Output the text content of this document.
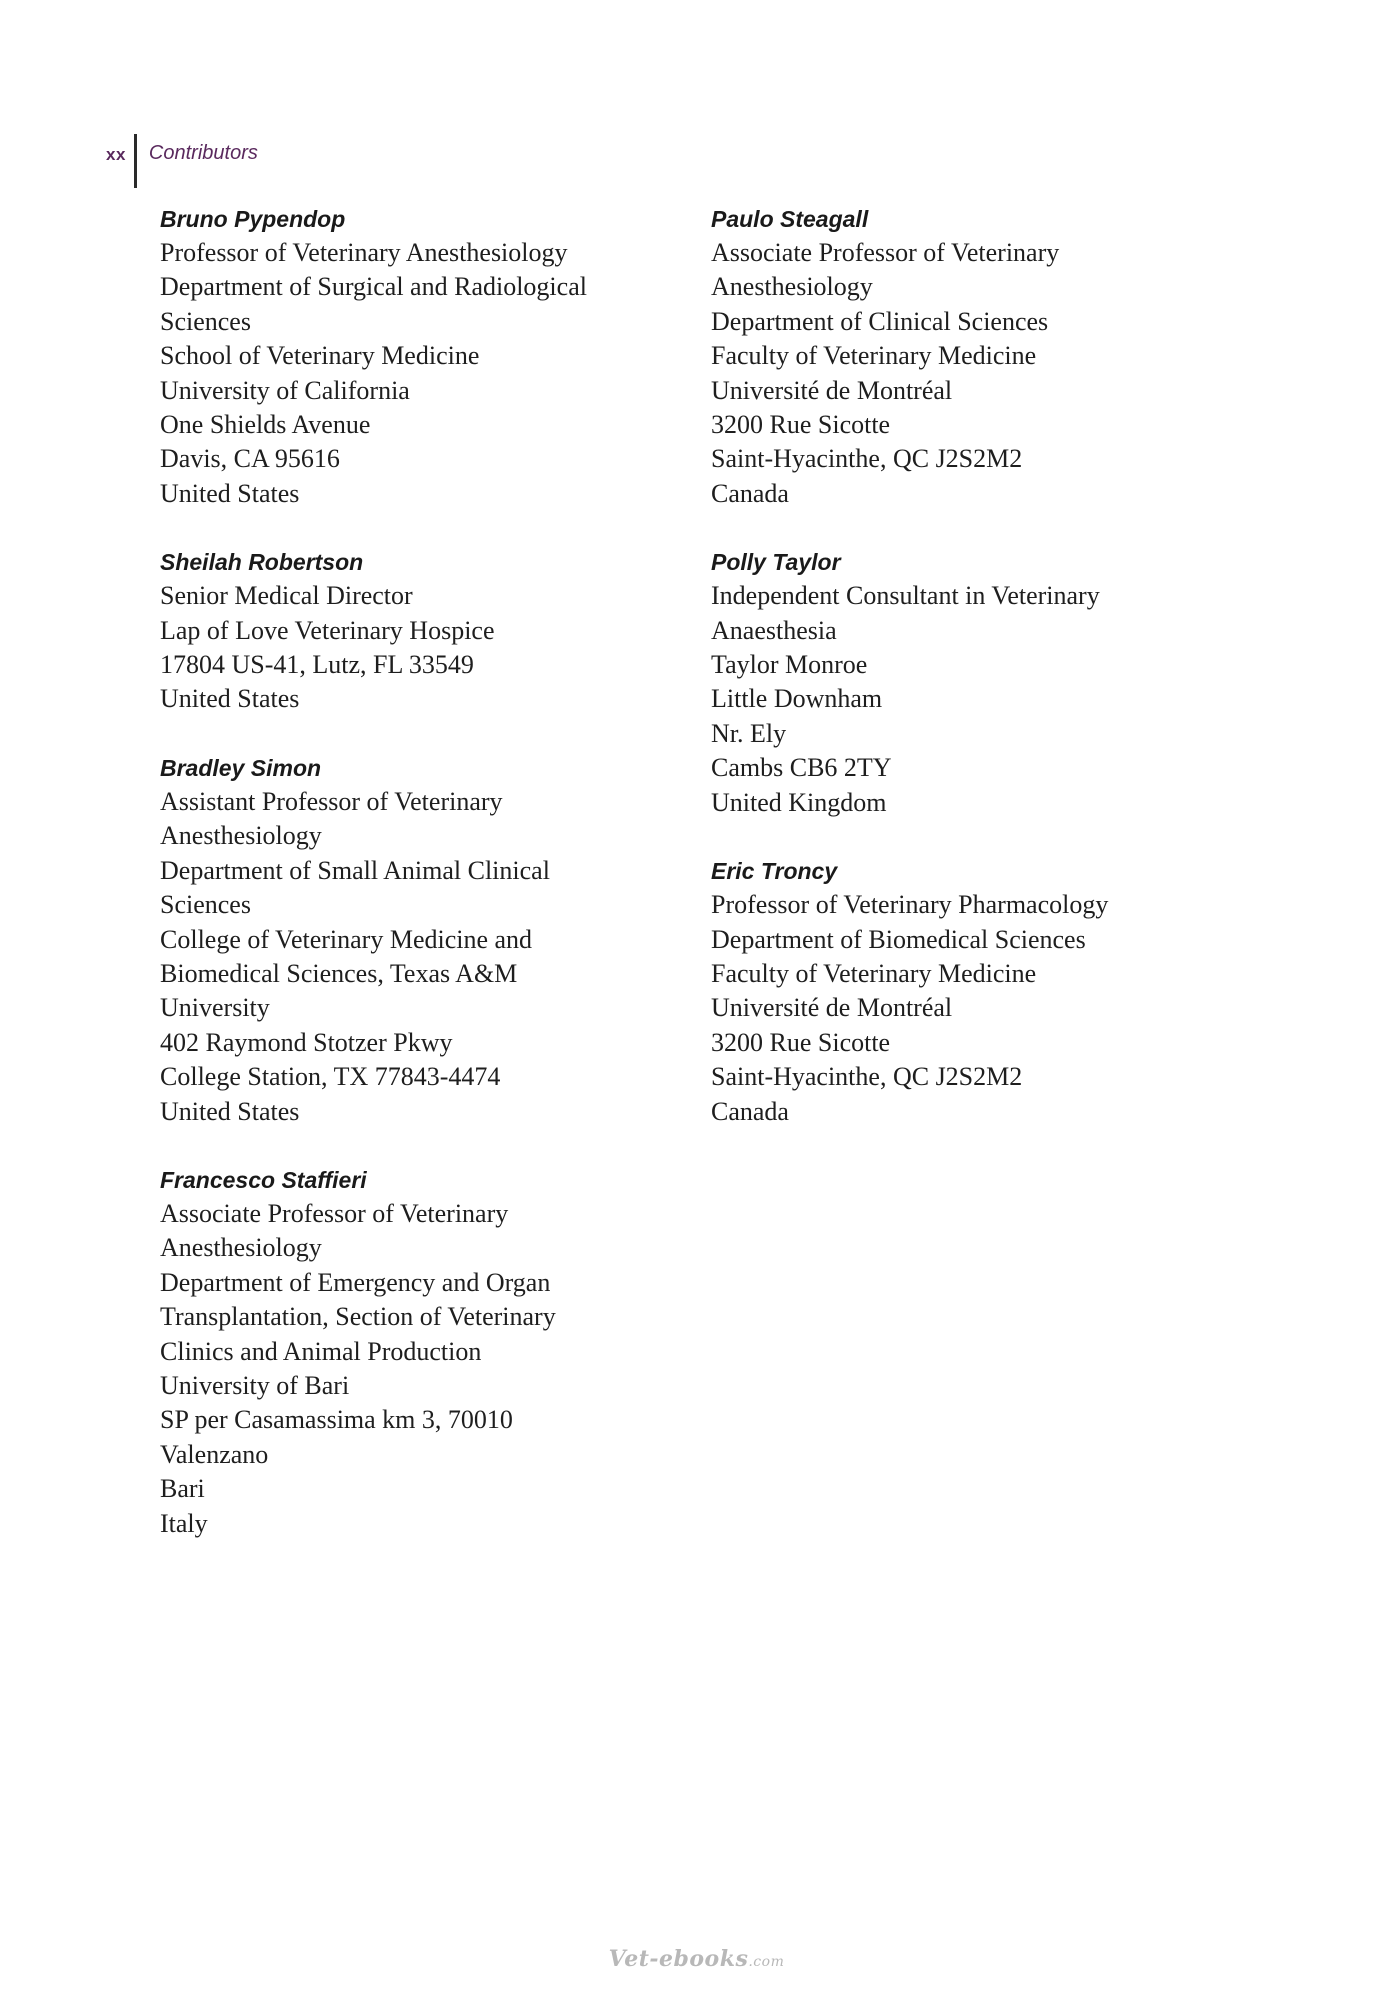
xx Contributors
Bruno Pypendop
Professor of Veterinary Anesthesiology
Department of Surgical and Radiological
Sciences
School of Veterinary Medicine
University of California
One Shields Avenue
Davis, CA 95616
United States
Sheilah Robertson
Senior Medical Director
Lap of Love Veterinary Hospice
17804 US-41, Lutz, FL 33549
United States
Bradley Simon
Assistant Professor of Veterinary
Anesthesiology
Department of Small Animal Clinical
Sciences
College of Veterinary Medicine and
Biomedical Sciences, Texas A&M
University
402 Raymond Stotzer Pkwy
College Station, TX 77843-4474
United States
Francesco Staffieri
Associate Professor of Veterinary
Anesthesiology
Department of Emergency and Organ
Transplantation, Section of Veterinary
Clinics and Animal Production
University of Bari
SP per Casamassima km 3, 70010
Valenzano
Bari
Italy
Paulo Steagall
Associate Professor of Veterinary
Anesthesiology
Department of Clinical Sciences
Faculty of Veterinary Medicine
Université de Montréal
3200 Rue Sicotte
Saint-Hyacinthe, QC J2S2M2
Canada
Polly Taylor
Independent Consultant in Veterinary
Anaesthesia
Taylor Monroe
Little Downham
Nr. Ely
Cambs CB6 2TY
United Kingdom
Eric Troncy
Professor of Veterinary Pharmacology
Department of Biomedical Sciences
Faculty of Veterinary Medicine
Université de Montréal
3200 Rue Sicotte
Saint-Hyacinthe, QC J2S2M2
Canada
Vet-ebooks.com
